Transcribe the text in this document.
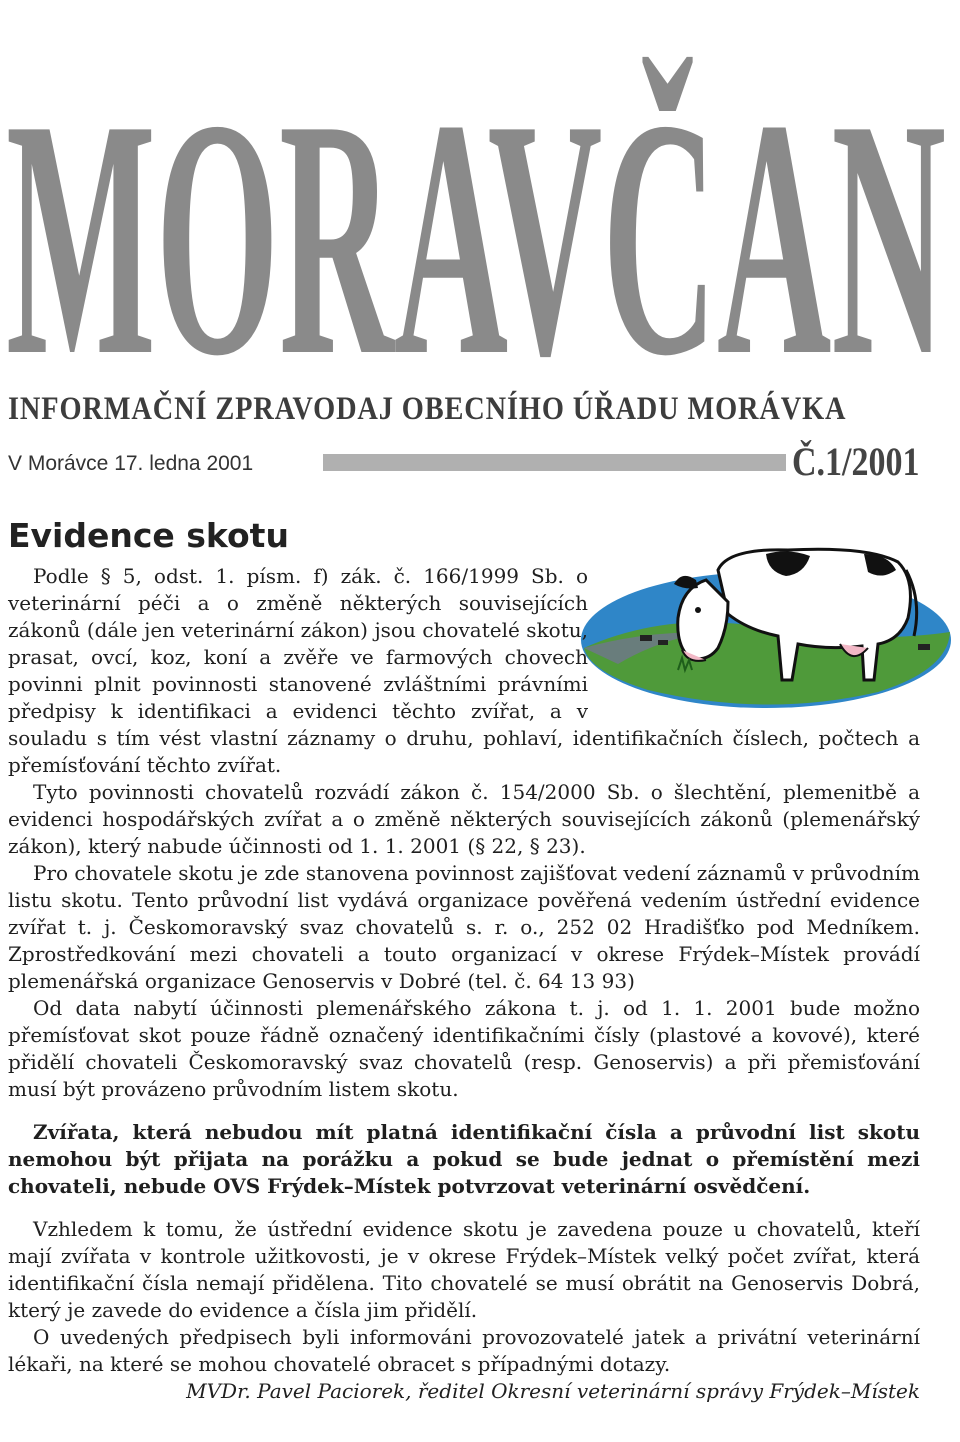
MORAVČAN
INFORMAČNÍ ZPRAVODAJ OBECNÍHO ÚŘADU MORÁVKA
V Morávce 17. ledna 2001	Č.1/2001
Evidence skotu

Podle § 5, odst. 1. písm. f) zák. č. 166/1999 Sb. o veterinární péči a o změně některých souvisejících zákonů (dále jen veterinární zákon) jsou chovatelé skotu, prasat, ovcí, koz, koní a zvěře ve farmových chovech povinni plnit povinnosti stanovené zvláštními právními předpisy k identifikaci a evidenci těchto zvířat, a v souladu s tím vést vlastní záznamy o druhu, pohlaví, identifikačních číslech, počtech a přemísťování těchto zvířat.

Tyto povinnosti chovatelů rozvádí zákon č. 154/2000 Sb. o šlechtění, plemenitbě a evidenci hospodářských zvířat a o změně některých souvisejících zákonů (plemenářský zákon), který nabude účinnosti od 1. 1. 2001 (§ 22, § 23).

Pro chovatele skotu je zde stanovena povinnost zajišťovat vedení záznamů v průvodním listu skotu. Tento průvodní list vydává organizace pověřená vedením ústřední evidence zvířat t. j. Českomoravský svaz chovatelů s. r. o., 252 02 Hradišťko pod Medníkem. Zprostředkování mezi chovateli a touto organizací v okrese Frýdek–Místek provádí plemenářská organizace Genoservis v Dobré (tel. č. 64 13 93)

Od data nabytí účinnosti plemenářského zákona t. j. od 1. 1. 2001 bude možno přemísťovat skot pouze řádně označený identifikačními čísly (plastové a kovové), které přidělí chovateli Českomoravský svaz chovatelů (resp. Genoservis) a při přemisťování musí být provázeno průvodním listem skotu.

Zvířata, která nebudou mít platná identifikační čísla a průvodní list skotu nemohou být přijata na porážku a pokud se bude jednat o přemístění mezi chovateli, nebude OVS Frýdek–Místek potvrzovat veterinární osvědčení.

Vzhledem k tomu, že ústřední evidence skotu je zavedena pouze u chovatelů, kteří mají zvířata v kontrole užitkovosti, je v okrese Frýdek–Místek velký počet zvířat, která identifikační čísla nemají přidělena. Tito chovatelé se musí obrátit na Genoservis Dobrá, který je zavede do evidence a čísla jim přidělí.

O uvedených předpisech byli informováni provozovatelé jatek a privátní veterinární lékaři, na které se mohou chovatelé obracet s případnými dotazy.

MVDr. Pavel Paciorek, ředitel Okresní veterinární správy Frýdek–Místek
